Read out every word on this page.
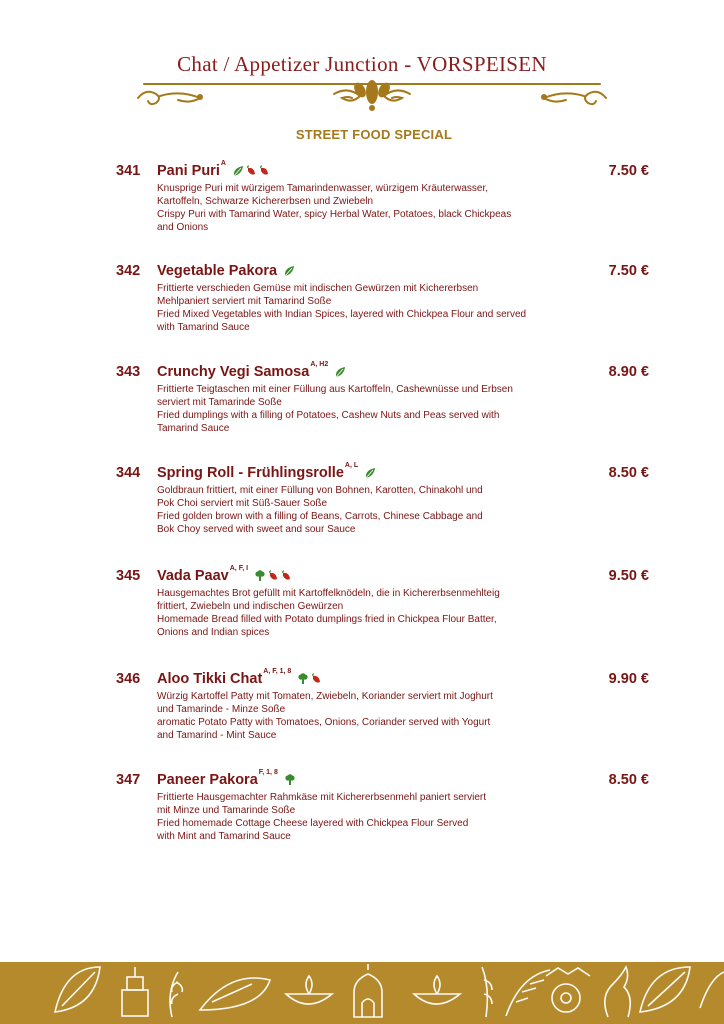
Chat / Appetizer Junction - VORSPEISEN
STREET FOOD SPECIAL
341 Pani Puri$^A$	7.50 €
Knusprige Puri mit würzigem Tamarindenwasser, würzigem Kräuterwasser,
Kartoffeln, Schwarze Kichererbsen und Zwiebeln
Crispy Puri with Tamarind Water, spicy Herbal Water, Potatoes, black Chickpeas
and Onions
342 Vegetable Pakora	7.50 €
Frittierte verschieden Gemüse mit indischen Gewürzen mit Kichererbsen
Mehlpaniert serviert mit Tamarind Soße
Fried Mixed Vegetables with Indian Spices, layered with Chickpea Flour and served
with Tamarind Sauce
343 Crunchy Vegi Samosa$^{A, H2}$	8.90 €
Frittierte Teigtaschen mit einer Füllung aus Kartoffeln, Cashewnüsse und Erbsen
serviert mit Tamarinde Soße
Fried dumplings with a filling of Potatoes, Cashew Nuts and Peas served with
Tamarind Sauce
344 Spring Roll - Frühlingsrolle$^{A, L}$	8.50 €
Goldbraun frittiert, mit einer Füllung von Bohnen, Karotten, Chinakohl und
Pok Choi serviert mit Süß-Sauer Soße
Fried golden brown with a filling of Beans, Carrots, Chinese Cabbage and
Bok Choy served with sweet and sour Sauce
345 Vada Paav$^{A, F, I}$	9.50 €
Hausgemachtes Brot gefüllt mit Kartoffelknödeln, die in Kichererbsenmehlteig
frittiert, Zwiebeln und indischen Gewürzen
Homemade Bread filled with Potato dumplings fried in Chickpea Flour Batter,
Onions and Indian spices
346 Aloo Tikki Chat$^{A, F, 1, 8}$	9.90 €
Würzig Kartoffel Patty mit Tomaten, Zwiebeln, Koriander serviert mit Joghurt
und Tamarinde - Minze Soße
aromatic Potato Patty with Tomatoes, Onions, Coriander served with Yogurt
and Tamarind - Mint Sauce
347 Paneer Pakora$^{F, 1, 8}$	8.50 €
Frittierte Hausgemachter Rahmkäse mit Kichererbsenmehl paniert serviert
mit Minze und Tamarinde Soße
Fried homemade Cottage Cheese layered with Chickpea Flour Served
with Mint and Tamarind Sauce
